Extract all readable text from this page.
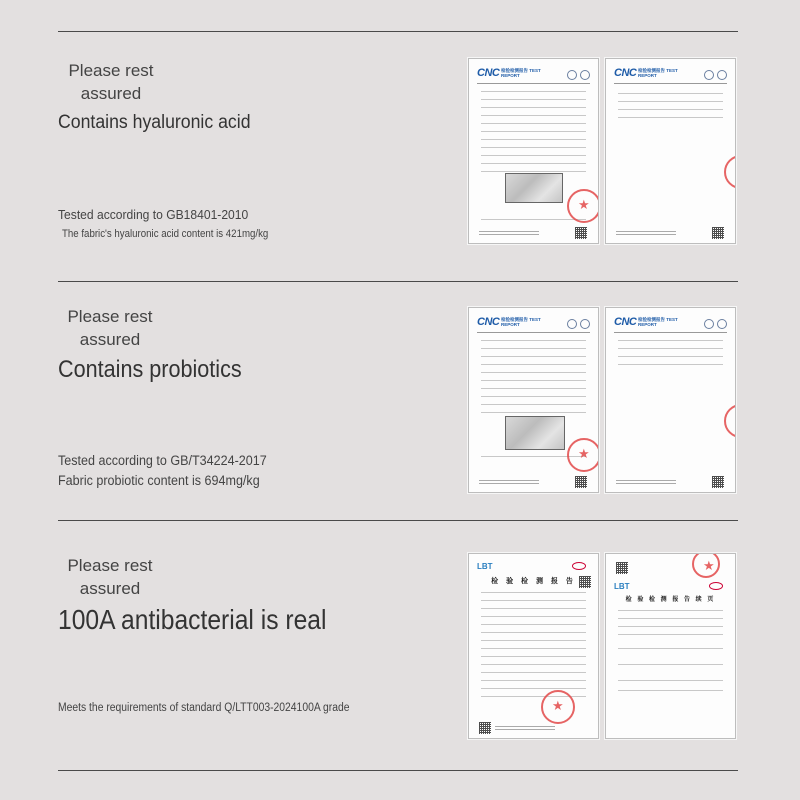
Please rest assured
Contains hyaluronic acid
Tested according to GB18401-2010
The fabric's hyaluronic acid content is 421mg/kg
CNC 检验检测报告 TEST REPORT
★	CNC 检验检测报告 TEST REPORT
★
Please rest assured
Contains probiotics
Tested according to GB/T34224-2017
Fabric probiotic content is 694mg/kg
CNC 检验检测报告 TEST REPORT
★	CNC 检验检测报告 TEST REPORT
★
Please rest assured
100A antibacterial is real
Meets the requirements of standard Q/LTT003-2024100A grade
LBT
检 验 检 测 报 告
★
★
LBT
检 验 检 测 报 告 续 页
